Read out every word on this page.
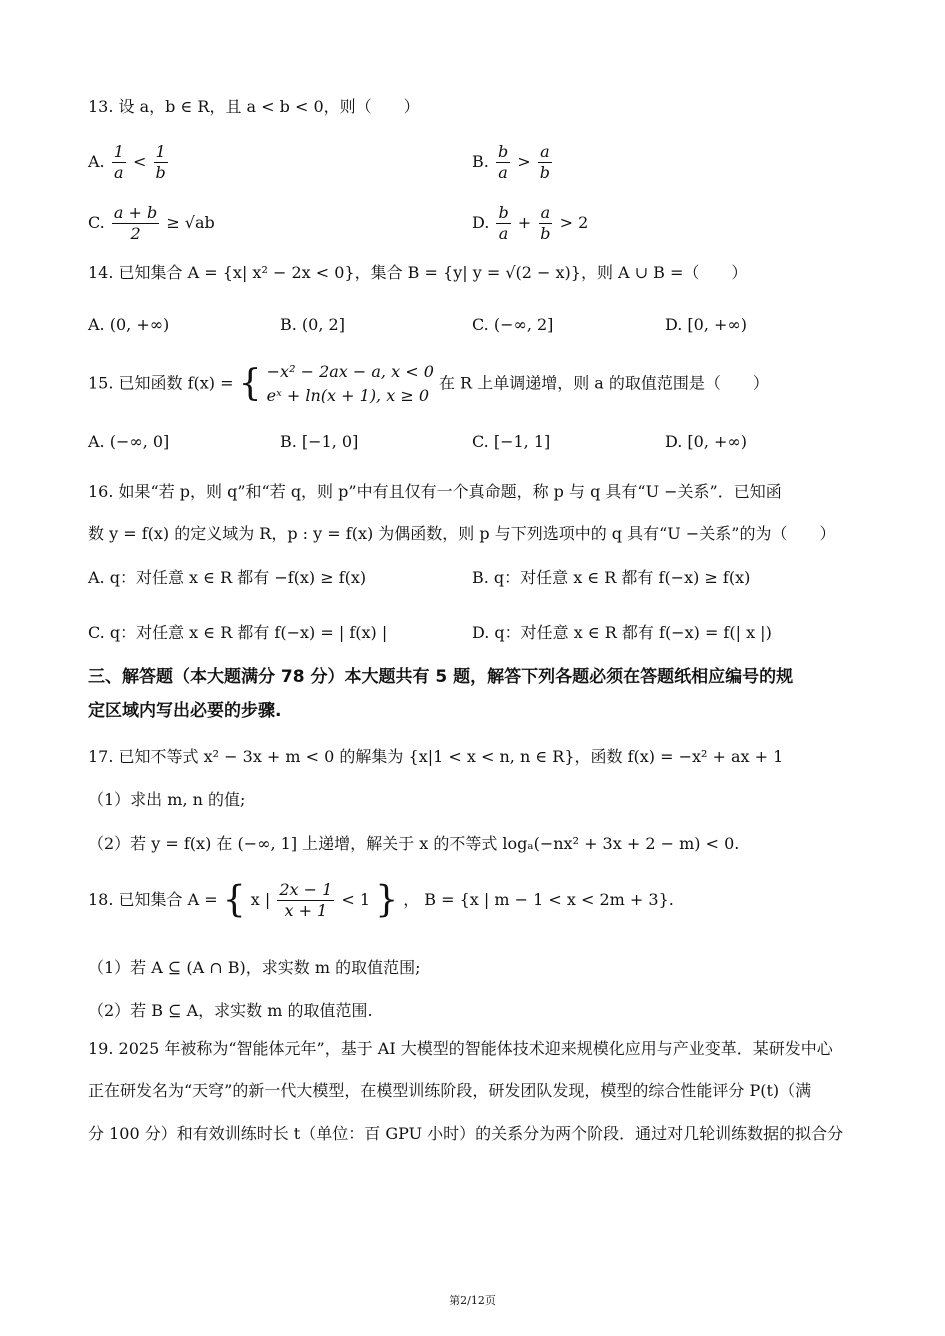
13. 设 a，b ∈ R，且 a < b < 0，则（　　）
A. $\frac{1}{a} < \frac{1}{b}$	B. $\frac{b}{a} > \frac{a}{b}$
C. $\frac{a + b}{2} \ge √ab$	D. $\frac{b}{a} + \frac{a}{b} > 2$
14. 已知集合 A = {x| x² − 2x < 0}，集合 B = {y| y = √(2 − x)}，则 A ∪ B =（　　）
A. (0, +∞)	B. (0, 2]	C. (−∞, 2]	D. [0, +∞)
15. 已知函数 f(x) = { −x² − 2ax − a, x < 0
eˣ + ln(x + 1), x ≥ 0
在 R 上单调递增，则 a 的取值范围是（　　）
A. (−∞, 0]	B. [−1, 0]	C. [−1, 1]	D. [0, +∞)
16. 如果“若 p，则 q”和“若 q，则 p”中有且仅有一个真命题，称 p 与 q 具有“U −关系”．已知函
数 y = f(x) 的定义域为 R，p : y = f(x) 为偶函数，则 p 与下列选项中的 q 具有“U −关系”的为（　　）
A. q：对任意 x ∈ R 都有 −f(x) ≥ f(x)	B. q：对任意 x ∈ R 都有 f(−x) ≥ f(x)
C. q：对任意 x ∈ R 都有 f(−x) = | f(x) |	D. q：对任意 x ∈ R 都有 f(−x) = f(| x |)
三、解答题（本大题满分 78 分）本大题共有 5 题，解答下列各题必须在答题纸相应编号的规
定区域内写出必要的步骤.
17. 已知不等式 x² − 3x + m < 0 的解集为 {x|1 < x < n, n ∈ R}，函数 f(x) = −x² + ax + 1
（1）求出 m, n 的值;
（2）若 y = f(x) 在 (−∞, 1] 上递增，解关于 x 的不等式 logₐ(−nx² + 3x + 2 − m) < 0.
18. 已知集合 A = { x | $\frac{2x - 1}{x + 1} < 1$ } ， B = {x | m − 1 < x < 2m + 3}.
（1）若 A ⊆ (A ∩ B)，求实数 m 的取值范围;
（2）若 B ⊆ A，求实数 m 的取值范围.
19. 2025 年被称为“智能体元年”，基于 AI 大模型的智能体技术迎来规模化应用与产业变革．某研发中心
正在研发名为“天穹”的新一代大模型，在模型训练阶段，研发团队发现，模型的综合性能评分 P(t)（满
分 100 分）和有效训练时长 t（单位：百 GPU 小时）的关系分为两个阶段．通过对几轮训练数据的拟合分
第2/12页
